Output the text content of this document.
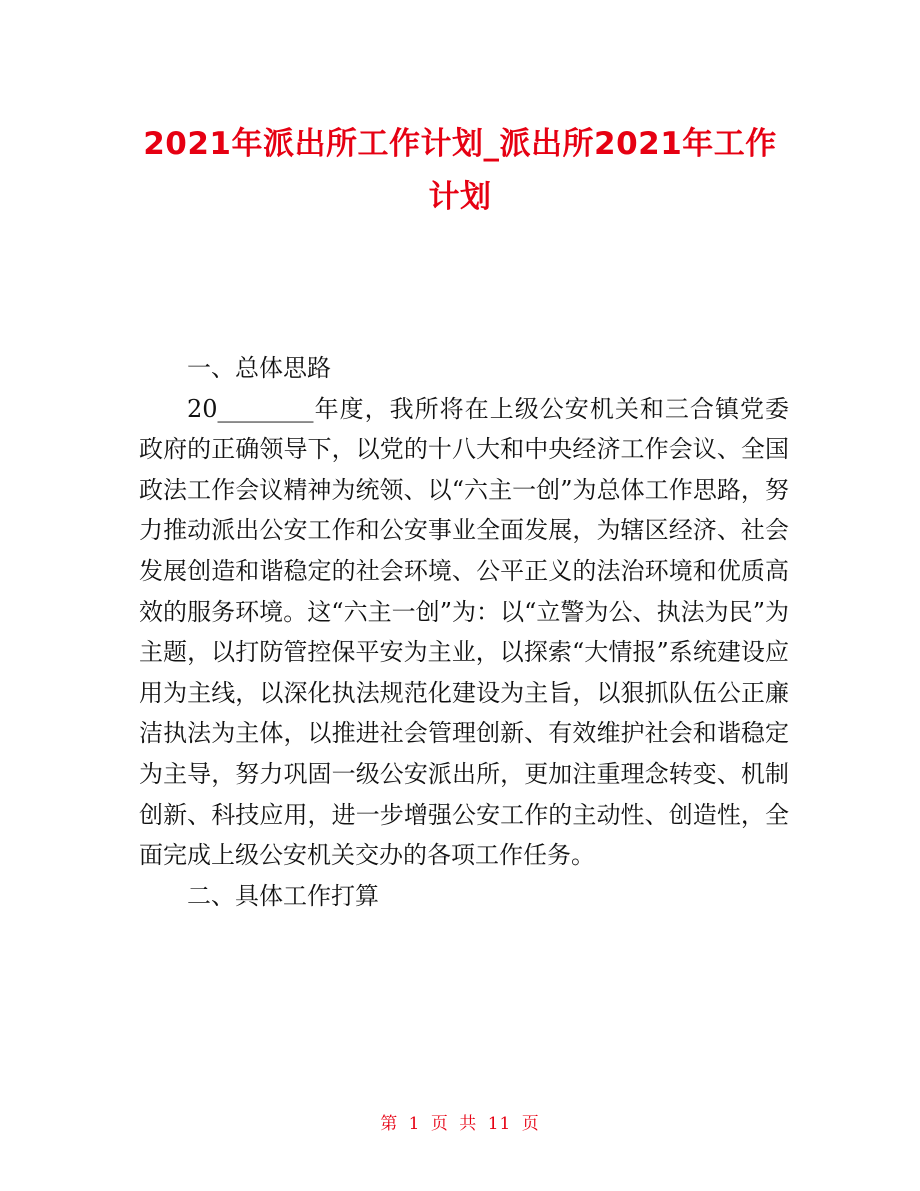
2021年派出所工作计划_派出所2021年工作计划

一、总体思路

20________年度，我所将在上级公安机关和三合镇党委政府的正确领导下，以党的十八大和中央经济工作会议、全国政法工作会议精神为统领、以“六主一创”为总体工作思路，努力推动派出公安工作和公安事业全面发展，为辖区经济、社会发展创造和谐稳定的社会环境、公平正义的法治环境和优质高效的服务环境。这“六主一创”为：以“立警为公、执法为民”为主题，以打防管控保平安为主业，以探索“大情报”系统建设应用为主线，以深化执法规范化建设为主旨，以狠抓队伍公正廉洁执法为主体，以推进社会管理创新、有效维护社会和谐稳定为主导，努力巩固一级公安派出所，更加注重理念转变、机制创新、科技应用，进一步增强公安工作的主动性、创造性，全面完成上级公安机关交办的各项工作任务。

二、具体工作打算

第 1 页 共 11 页
